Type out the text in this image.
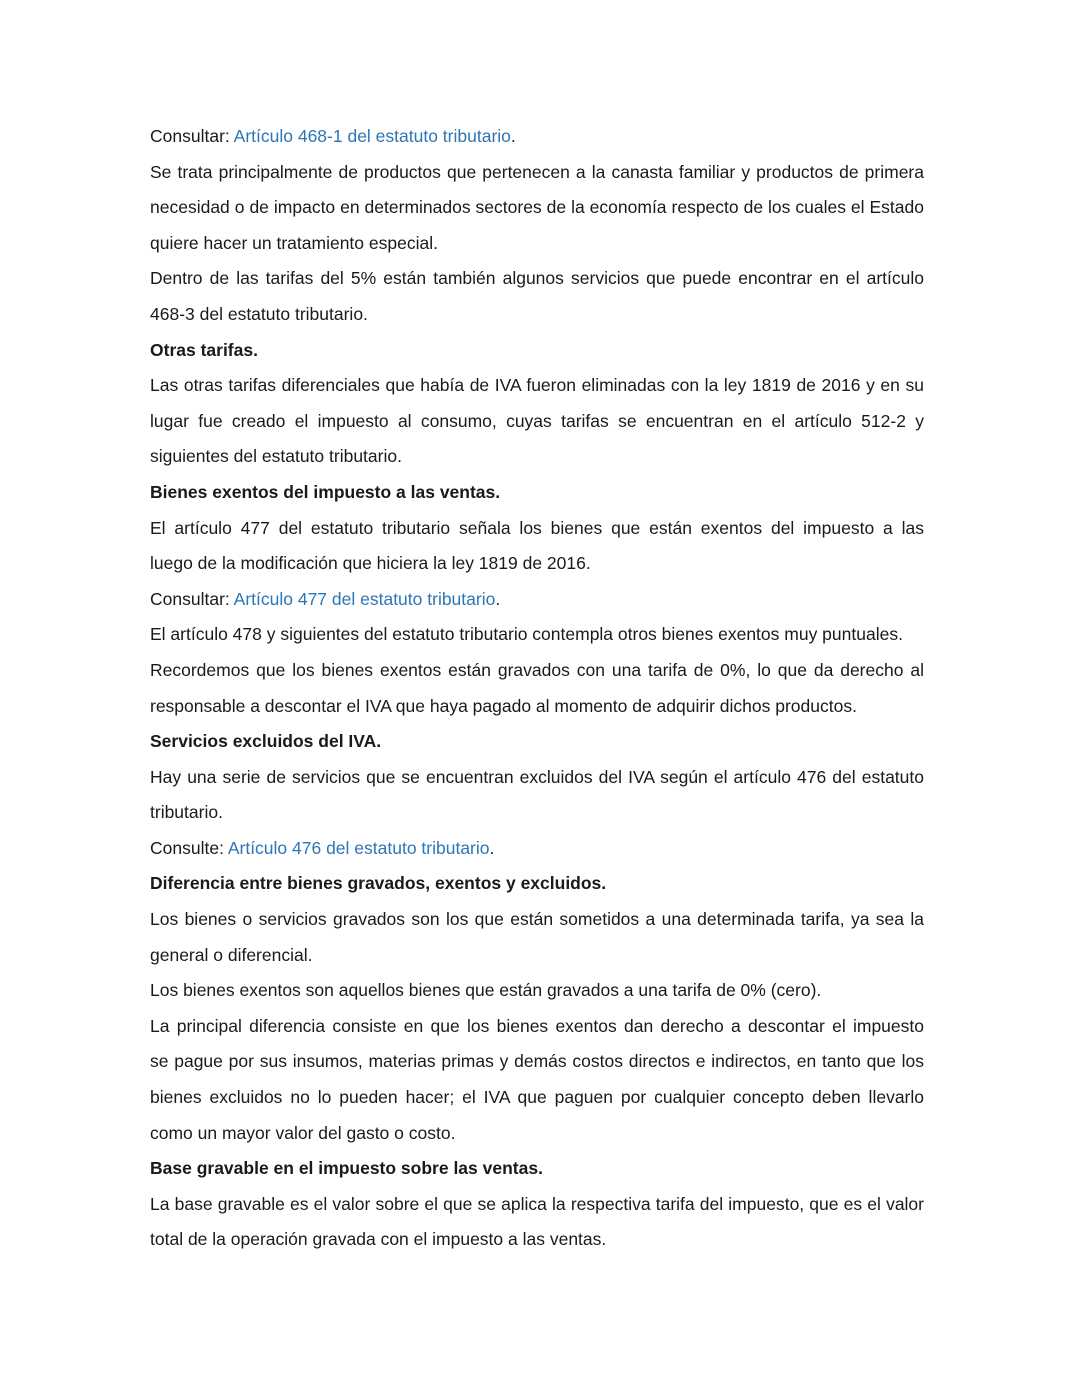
Consultar: Artículo 468-1 del estatuto tributario.
Se trata principalmente de productos que pertenecen a la canasta familiar y productos de primera
necesidad o de impacto en determinados sectores de la economía respecto de los cuales el Estado
quiere hacer un tratamiento especial.
Dentro de las tarifas del 5% están también algunos servicios que puede encontrar en el artículo
468-3 del estatuto tributario.
Otras tarifas.
Las otras tarifas diferenciales que había de IVA fueron eliminadas con la ley 1819 de 2016 y en su
lugar fue creado el impuesto al consumo, cuyas tarifas se encuentran en el artículo 512-2 y
siguientes del estatuto tributario.
Bienes exentos del impuesto a las ventas.
El artículo 477 del estatuto tributario señala los bienes que están exentos del impuesto a las
luego de la modificación que hiciera la ley 1819 de 2016.
Consultar: Artículo 477 del estatuto tributario.
El artículo 478 y siguientes del estatuto tributario contempla otros bienes exentos muy puntuales.
Recordemos que los bienes exentos están gravados con una tarifa de 0%, lo que da derecho al
responsable a descontar el IVA que haya pagado al momento de adquirir dichos productos.
Servicios excluidos del IVA.
Hay una serie de servicios que se encuentran excluidos del IVA según el artículo 476 del estatuto
tributario.
Consulte: Artículo 476 del estatuto tributario.
Diferencia entre bienes gravados, exentos y excluidos.
Los bienes o servicios gravados son los que están sometidos a una determinada tarifa, ya sea la
general o diferencial.
Los bienes exentos son aquellos bienes que están gravados a una tarifa de 0% (cero).
La principal diferencia consiste en que los bienes exentos dan derecho a descontar el impuesto
se pague por sus insumos, materias primas y demás costos directos e indirectos, en tanto que los
bienes excluidos no lo pueden hacer; el IVA que paguen por cualquier concepto deben llevarlo
como un mayor valor del gasto o costo.
Base gravable en el impuesto sobre las ventas.
La base gravable es el valor sobre el que se aplica la respectiva tarifa del impuesto, que es el valor
total de la operación gravada con el impuesto a las ventas.
